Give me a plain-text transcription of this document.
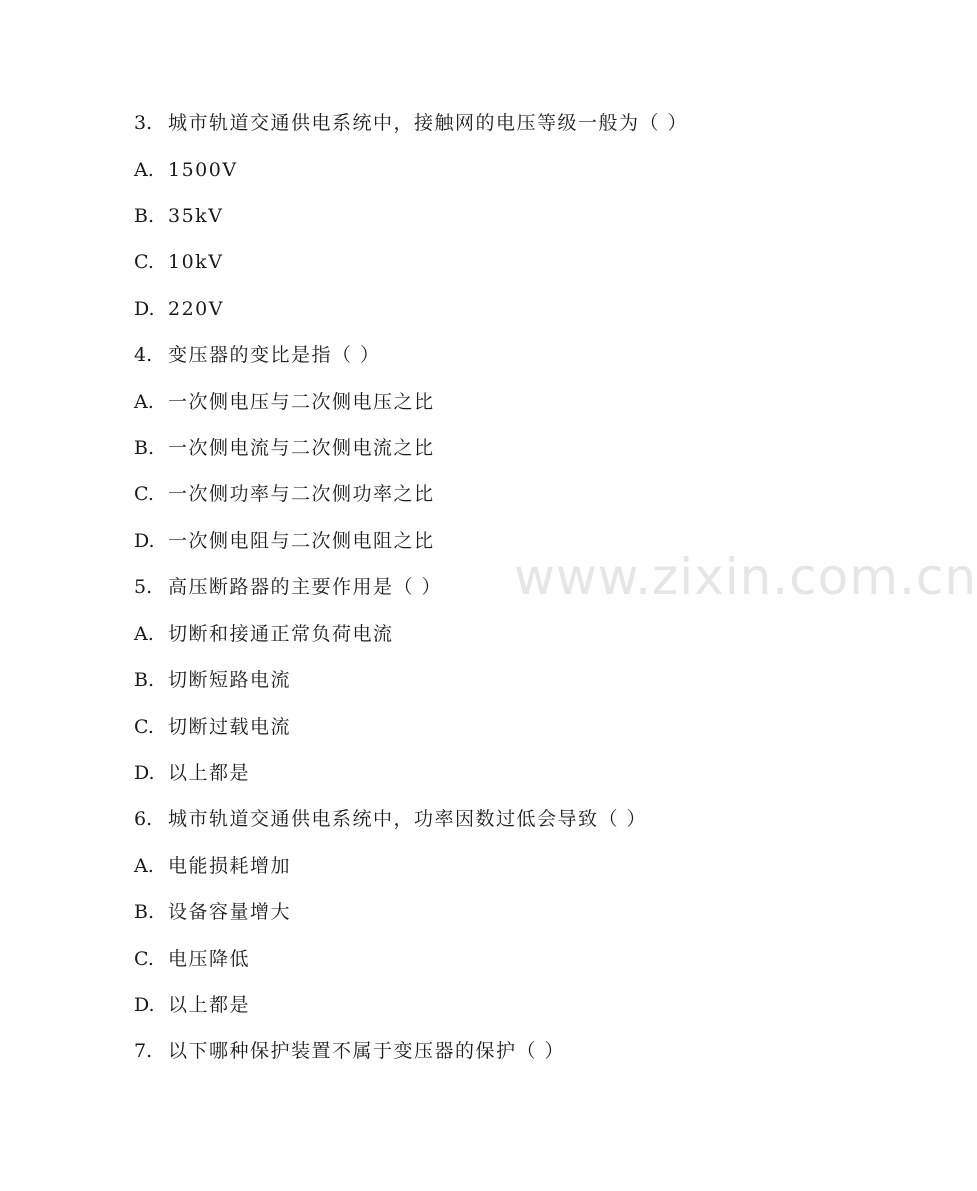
www.zixin.com.cn
3. 城市轨道交通供电系统中，接触网的电压等级一般为（ ）
A. 1500V
B. 35kV
C. 10kV
D. 220V
4. 变压器的变比是指（ ）
A. 一次侧电压与二次侧电压之比
B. 一次侧电流与二次侧电流之比
C. 一次侧功率与二次侧功率之比
D. 一次侧电阻与二次侧电阻之比
5. 高压断路器的主要作用是（ ）
A. 切断和接通正常负荷电流
B. 切断短路电流
C. 切断过载电流
D. 以上都是
6. 城市轨道交通供电系统中，功率因数过低会导致（ ）
A. 电能损耗增加
B. 设备容量增大
C. 电压降低
D. 以上都是
7. 以下哪种保护装置不属于变压器的保护（ ）
